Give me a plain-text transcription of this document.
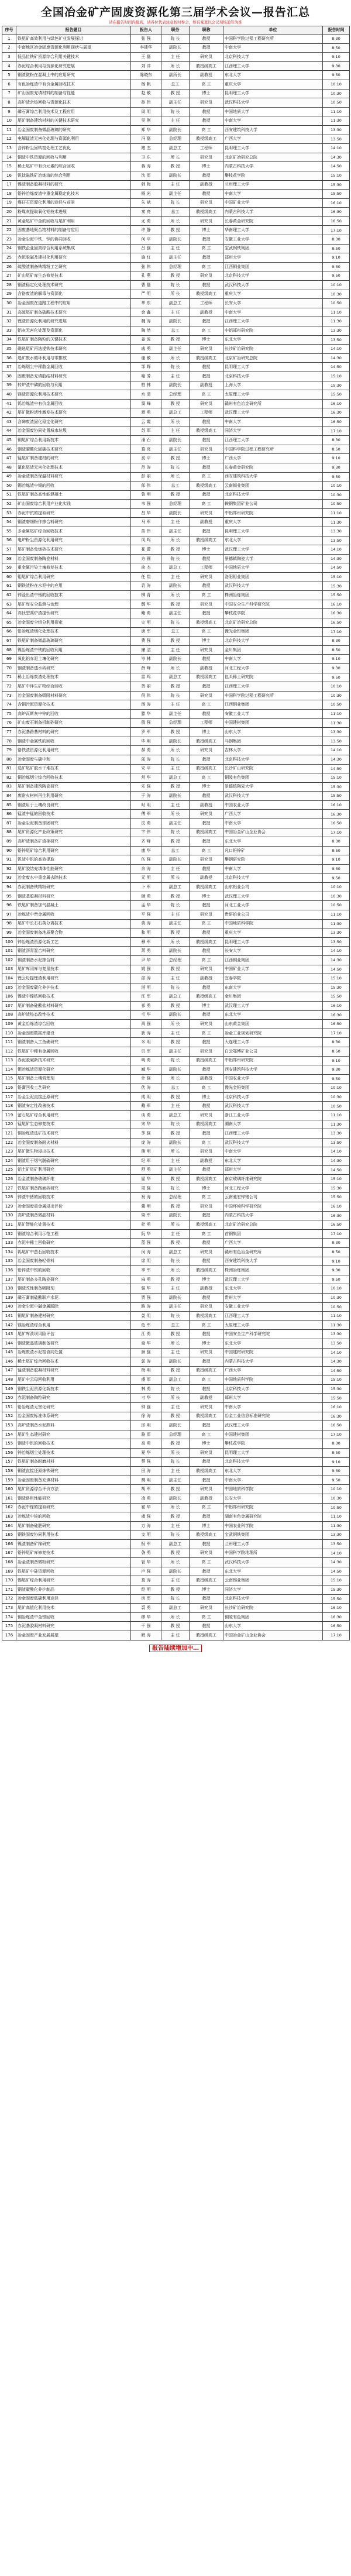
全国冶金矿产固废资源化第三届学术会议—报告汇总
请在报告时间内报到，请各位代表注意按时参会，如有变更以会议现场通知为准
序号	报告题目	报告人	职务	职称	单位	报告时间
1	铁尾矿高效利用与绿色矿业发展探讨	张 强	院 长	教授	中国科学院过程工程研究所	8:30
2	中南地区冶金固废资源化利用现状与展望	李建华	副院长	教授	中南大学	8:50
3	低品位铁矿资源综合利用关键技术	王 磊	主 任	研究员	北京科技大学	9:10
4	赤泥综合利用与资源化研究进展	刘 洋	所 长	教授级高工	江西理工大学	9:30
5	钢渣微粉在混凝土中的应用研究	陈晓东	副所长	副教授	东北大学	9:50
6	有色冶炼渣中有价金属回收技术	杨 帆	总工	高 工	重庆大学	10:10
7	矿山固废充填材料的制备与性能	赵 敏	教 授	博士	昆明理工大学	10:30
8	高炉渣余热回收与资源化技术	孙 伟	副主任	研究员	武汉科技大学	10:50
9	磷石膏综合利用技术及工程应用	周 明	院 长	教授	中国地质大学	11:10
10	尾矿制备建筑材料的关键技术研究	吴 刚	主 任	教授	中南大学	11:30
11	冶金固废制备微晶玻璃的研究	郑 华	副院长	高 工	西安建筑科技大学	13:30
12	电解锰渣无害化处理与资源化利用	冯 磊	总经理	教授级高工	广西大学	13:50
13	含锌粉尘回转窑处理工艺优化	褚 杰	副总工	工程师	昆明理工大学	14:10
14	铜渣中铁资源的回收与利用	卫 东	所 长	研究员	北京矿冶研究总院	14:30
15	稀土尾矿中有价元素的综合回收	蒋 涛	教 授	博士	内蒙古科技大学	14:50
16	钒钛磁铁矿冶炼渣的综合利用	沈 军	副院长	教授	攀枝花学院	15:10
17	镍渣制备胶凝材料的研究	韩 梅	主 任	副教授	兰州理工大学	15:30
18	铅锌冶炼废渣中重金属稳定化技术	杨 光	副主任	教授	中南大学	15:50
19	煤矸石资源化利用的途径与前景	朱 斌	院 长	研究员	中国矿业大学	16:10
20	粉煤灰提取氧化铝技术进展	秦 亮	总工	教授级高工	内蒙古科技大学	16:30
21	黄金尾矿中金的回收与尾矿利用	尤 勇	所 长	研究员	长春黄金研究院	16:50
22	固废基地聚合物材料的制备与应用	许 静	教 授	博士	华南理工大学	17:10
23	冶金尘泥中铁、锌的协同回收	何 平	副院长	教授	安徽工业大学	8:30
24	钢铁企业固废综合利用系统集成	吕 强	主 任	高 工	宝武钢铁集团	8:50
25	赤泥脱碱及建材化利用研究	施 红	副主任	教授	郑州大学	9:10
26	硫酸渣制备铁精粉工艺研究	张 伟	总经理	高 工	江西铜业集团	9:30
27	矿山尾矿库生态修复技术	孔 燕	教 授	研究员	北京科技大学	9:50
28	钢渣稳定化处理技术研究	曹 磊	院 长	教授	武汉科技大学	10:10
29	含铬废渣的解毒与资源化	严 明	所 长	教授级高工	重庆大学	10:30
30	冶金固废在道路工程中的应用	华 东	副总工	工程师	长安大学	10:50
31	高硫尾矿制备硫酸技术研究	金 鑫	主 任	副教授	中南大学	11:10
32	锂渣资源化利用的研究进展	魏 涛	副院长	教授	江西理工大学	11:30
33	铝灰无害化处理及资源化	陶 然	总工	高 工	中铝郑州研究院	13:30
34	铁尾矿制备陶粒的关键技术	姜 波	教 授	博士	东北大学	13:50
35	磁选尾矿再选提铁技术研究	戚 勇	副主任	研究员	长沙矿冶研究院	14:10
36	选矿废水循环利用与零排放	谢 敏	所 长	教授级高工	北京矿冶研究总院	14:30
37	冶炼烟尘中稀散金属回收	邹 辉	院 长	教授	昆明理工大学	14:50
38	固废制备充填胶结材料研究	喻 芳	主 任	教授	北京科技大学	15:10
39	转炉渣中磷的回收与利用	柏 林	副院长	副教授	上海大学	15:30
40	镁渣资源化利用技术研究	水 清	总经理	高 工	太原理工大学	15:50
41	钨冶炼渣中有价金属回收	窦 峰	教 授	研究员	赣州有色冶金研究所	16:10
42	尾矿微粉活性激发技术研究	章 勇	副总工	工程师	武汉理工大学	16:30
43	含砷废渣固化稳定化研究	云 霞	所 长	教授	中南大学	16:50
44	冶金固废协同处置城市垃圾	苏 军	主 任	教授级高工	同济大学	17:10
45	铜尾矿综合利用新技术	潘 石	副院长	教授	江西理工大学	8:30
46	钢渣碳酸化固碳技术研究	葛 亮	副主任	研究员	中国科学院过程工程研究所	8:50
47	锰尾矿制备建材的研究	奚 平	教 授	博士	广西大学	9:10
48	氰化尾渣无害化处理技术	范 涛	院 长	教授	长春黄金研究院	9:30
49	冶金渣制备保温材料研究	彭 丽	所 长	高 工	西安建筑科技大学	9:50
50	锡冶炼渣中锡的回收	郎 伟	总工	教授级高工	云南锡业集团	10:10
51	铁尾矿制备高性能混凝土	鲁 明	教 授	教授	北京科技大学	10:30
52	矿山固废综合利用产业化实践	韦 强	总经理	高 工	鞍钢集团矿业公司	10:50
53	赤泥中钪的提取研究	昌 华	副院长	研究员	中铝郑州研究院	11:10
54	钢渣磨细粉作掺合料研究	马 军	主 任	副教授	重庆大学	11:30
55	多金属尾矿综合回收技术	苗 伟	副主任	教授	昆明理工大学	13:30
56	电炉粉尘资源化利用研究	凤 鸣	所 长	教授级高工	东北大学	13:50
57	尾矿制备免烧砖技术研究	花 蕾	教 授	博士	武汉理工大学	14:10
58	冶金固废制备陶瓷材料	方 圆	院 长	教授	景德镇陶瓷大学	14:30
59	重金属污染土壤修复技术	俞 杰	副总工	工程师	中国地质大学	14:50
60	钼尾矿综合利用研究	任 翔	主 任	研究员	洛阳钼业集团	15:10
61	钢铁渣粉在水泥中的应用	袁 涛	副院长	教授	武汉科技大学	15:30
62	锌浸出渣中铟的回收技术	柳 青	所 长	高 工	株洲冶炼集团	15:50
63	尾矿库安全监测与治理	酆 华	教 授	研究员	中国安全生产科学研究院	16:10
64	高钛型高炉渣提钛研究	鲍 勇	副主任	教授	攀枝花学院	16:30
65	冶金固废全组分利用探索	史 明	院 长	教授级高工	北京矿冶研究总院	16:50
66	铅冶炼渣烟化处理技术	唐 军	总工	高 工	豫光金铅集团	17:10
67	铁尾矿制备微晶玻璃研究	费 强	教 授	博士	北京科技大学	8:30
68	镍冶炼渣中铁的回收利用	廉 洁	主 任	研究员	金川集团	8:50
69	氧化铝赤泥土壤化研究	岑 林	副院长	教授	中南大学	9:10
70	钢渣制备透水砖研究	薛 峰	所 长	副教授	河北工程大学	9:30
71	稀土冶炼废渣处理技术	雷 鸣	副总工	教授级高工	包头稀土研究院	9:50
72	尾矿中伴生矿物综合回收	贺 丽	教 授	教授	江西理工大学	10:10
73	冶金固废制备吸附材料研究	倪 伟	院 长	研究员	中国科学院过程工程研究所	10:30
74	含铜污泥资源化技术	汤 涛	主 任	高 工	江西铜业集团	10:50
75	高炉瓦斯灰中锌的回收	滕 华	副主任	教授	安徽工业大学	11:10
76	矿山废石制备机制砂研究	殷 强	总经理	工程师	中国建材集团	11:30
77	赤泥基路基材料的研究	罗 军	教 授	博士	山东大学	13:30
78	钢渣中金属铁的回收	毕 明	副院长	教授级高工	马钢集团	13:50
79	铬铁渣资源化利用研究	郝 勇	所 长	研究员	吉林大学	14:10
80	冶金固废与碳中和	邬 涛	院 长	教授	北京科技大学	14:30
81	选矿尾矿脱水干堆技术	安 平	主 任	教授级高工	长沙矿山研究院	14:50
82	铜冶炼烟尘综合回收技术	常 华	副总工	高 工	铜陵有色集团	15:10
83	尾矿制备建筑陶瓷研究	乐 强	教 授	博士	景德镇陶瓷大学	15:30
84	废耐火材料再生利用研究	于 涛	副院长	教授	武汉科技大学	15:50
85	钢渣用于土壤改良研究	时 明	主 任	副教授	中国农业大学	16:10
86	锰渣中锰的回收技术	傅 军	所 长	研究员	广西大学	16:30
87	冶金尘泥制备球团研究	皮 勇	副主任	教授	中南大学	16:50
88	尾矿资源化产业政策研究	卞 伟	院 长	教授级高工	中国冶金矿山企业协会	17:10
89	高炉渣制备矿渣棉研究	齐 峰	教 授	教授	东北大学	8:30
90	铅锌尾矿综合利用研究	康 华	总工	高 工	凡口铅锌矿	8:50
91	钒渣中钒的高效提取	伍 强	副院长	研究员	攀钢研究院	9:10
92	尾矿胶结充填体性能研究	余 涛	主 任	教授	中南大学	9:30
93	冶金废水中重金属去除技术	元 明	所 长	副教授	北京科技大学	9:50
94	赤泥制备铁精粉研究	卜 军	副总工	教授级高工	山东铝业公司	10:10
95	钢渣基胶凝材料研究	顾 勇	教 授	博士	武汉理工大学	10:30
96	铁尾矿制备加气混凝土	孟 华	院 长	教授	河北工业大学	10:50
97	冶炼渣中贵金属回收	平 强	主 任	研究员	贵研铂业公司	11:10
98	尾矿中长石石英分离技术	黄 涛	副主任	高 工	中国地质科学院	11:30
99	冶金固废制备地质聚合物	和 明	教 授	教授	重庆大学	13:30
100	锌冶炼渣资源化新工艺	穆 军	所 长	教授级高工	昆明理工大学	13:50
101	钢渣沥青混合料研究	萧 勇	副院长	教授	长安大学	14:10
102	铜渣制备水泥掺合料	尹 华	总经理	高 工	江西铜业集团	14:30
103	尾矿库闭库与复垦技术	姚 强	教 授	研究员	中国矿业大学	14:50
104	锂云母提锂渣利用研究	邵 涛	主 任	副教授	宜春学院	15:10
105	冶金固废碳化养护技术	湛 明	院 长	教授	东南大学	15:30
106	镍渣中镍钴回收技术	汪 军	副总工	教授级高工	金川集团	15:50
107	尾矿制备硅酸盐材料研究	祁 勇	教 授	博士	武汉理工大学	16:10
108	高炉渣热态改性技术	毛 华	副院长	教授	东北大学	16:30
109	黄金冶炼渣综合回收	禹 强	所 长	研究员	山东黄金集团	16:50
110	冶金固废数据库建设	狄 涛	主 任	高 工	冶金工业规划研究院	17:10
111	钢渣制备人工鱼礁研究	米 明	教 授	教授	大连理工大学	8:30
112	铁尾矿中稀有金属回收	贝 军	副主任	研究员	白云鄂博矿业公司	8:50
113	赤泥脱碱新技术研究	明 勇	院 长	教授级高工	中铝郑州研究院	9:10
114	钼冶炼渣资源化研究	臧 华	副院长	教授	西安建筑科技大学	9:30
115	尾矿制备土壤调理剂	计 强	所 长	副教授	中国农业大学	9:50
116	铅膏回收工艺研究	伏 涛	总工	高 工	豫光金铅集团	10:10
117	冶金尘泥直接还原研究	成 明	教 授	博士	北京科技大学	10:30
118	钢渣安定性改善技术	戴 军	主 任	教授	武汉科技大学	10:50
119	萤石尾矿综合利用研究	谈 勇	副总工	研究员	浙江工业大学	11:10
120	锰尾矿生态修复技术	宋 华	院 长	教授级高工	湖南大学	11:30
121	铜冶炼渣选矿技术研究	茅 强	教 授	教授	江西理工大学	13:30
122	冶金固废制备耐火材料	庞 涛	副院长	高 工	武汉科技大学	13:50
123	尾矿微生物浸出技术	熊 明	所 长	研究员	中南大学	14:10
124	钢渣用于烟气脱硫研究	纪 军	主 任	副教授	东北大学	14:30
125	铝土矿尾矿利用研究	舒 勇	副主任	教授	郑州大学	14:50
126	冶金渣制备玻璃纤维	屈 华	教 授	教授级高工	南京玻璃纤维研究院	15:10
127	铁尾矿制备路面砖研究	项 强	院 长	博士	河北工程大学	15:30
128	锌渣中锗的回收技术	祝 涛	总经理	高 工	云南驰宏锌锗公司	15:50
129	冶金固废重金属浸出评价	董 明	教 授	研究员	中国环境科学研究院	16:10
130	高炉渣制备微晶材料	梁 军	副院长	教授	内蒙古科技大学	16:30
131	尾矿智能化处置技术	杜 勇	所 长	教授级高工	北京矿冶研究总院	16:50
132	钢渣综合利用示范工程	阮 华	主 任	高 工	首钢集团	17:10
133	赤泥中稀土回收研究	蓝 强	教 授	教授	广西大学	8:30
134	钨尾矿中萤石回收技术	闵 涛	副总工	研究员	赣州有色冶金研究所	8:50
135	冶金固废制备轻骨料	席 明	院 长	教授	西安建筑科技大学	9:10
136	铅锌渣中银的回收	季 军	所 长	教授级高工	株洲冶炼集团	9:30
137	尾矿制备多孔陶瓷研究	麻 勇	教 授	博士	武汉理工大学	9:50
138	钢渣改性制备吸附剂	强 华	主 任	副教授	东北大学	10:10
139	磷石膏制硫酸联产水泥	贾 强	副院长	教授	贵州大学	10:30
140	冶金尘泥中碱金属脱除	路 涛	副主任	研究员	安徽工业大学	10:50
141	铜尾矿制备建材研究	娄 明	院 长	教授级高工	江西理工大学	11:10
142	镁冶炼渣综合利用	危 军	总工	高 工	太原理工大学	11:30
143	尾矿库溃坝风险评估	江 勇	教 授	教授	中国安全生产科学研究院	13:30
144	钢渣微晶玻璃制备研究	童 华	所 长	博士	东北大学	13:50
145	冶炼废渣水泥窑协同处置	颜 强	主 任	研究员	中国建材研究院	14:10
146	稀土尾矿综合回收技术	郭 涛	副院长	教授	内蒙古科技大学	14:30
147	锰渣制备胶凝材料研究	梅 明	教 授	教授级高工	广西大学	14:50
148	尾矿中云母回收利用	盛 军	副总工	高 工	中国地质科学院	15:10
149	钢铁尘泥资源化新技术	林 勇	院 长	教授	北京科技大学	15:30
150	赤泥制备陶粒研究	刁 华	所 长	副教授	郑州大学	15:50
151	铅冶炼渣无害化研究	钟 强	主 任	研究员	中南大学	16:10
152	冶金固废标准体系研究	徐 涛	教 授	教授级高工	冶金工业信息标准研究院	16:30
153	高炉渣制备水泥熟料	邱 明	副院长	教授	武汉理工大学	16:50
154	尾矿生态建材研究	骆 军	总经理	高 工	中国建材集团	17:10
155	钢渣中钒的回收技术	高 勇	教 授	博士	攀枝花学院	8:30
156	锌冶炼烟尘处理技术	夏 华	所 长	研究员	昆明理工大学	8:50
157	铁尾矿制备耐磨材料	蔡 强	院 长	教授	北京科技大学	9:10
158	铜渣直接还原炼铁研究	田 涛	主 任	教授级高工	东北大学	9:30
159	冶金固废制备充填材料	樊 明	副主任	教授	中南大学	9:50
160	尾矿资源综合评价方法	胡 军	教 授	研究员	中国地质科学院	10:10
161	钢渣路用性能研究	凌 勇	副院长	副教授	长安大学	10:30
162	赤泥中镓的提取研究	霍 华	所 长	高 工	中铝郑州研究院	10:50
163	冶炼渣中铋的回收	虞 强	教 授	教授	湖南有色金属研究院	11:10
164	尾矿制备硅肥研究	万 涛	主 任	博士	中国农业科学院	11:30
165	钢铁固废协同利用技术	支 明	院 长	教授级高工	宝武钢铁集团	13:30
166	镍渣制备矿棉研究	柯 军	副总工	教授	兰州理工大学	13:50
167	铅锌尾矿库修复技术	昝 勇	教 授	研究员	中国科学院地理所	14:10
168	冶金渣制备微粉研究	管 华	所 长	高 工	武汉科技大学	14:30
169	铁尾矿中硅资源回收	卢 强	副院长	教授	东北大学	14:50
170	锡尾矿综合利用研究	莫 涛	主 任	教授级高工	云南锡业集团	15:10
171	钢渣碳酸化养护制品	经 明	教 授	博士	同济大学	15:30
172	冶金固废低碳利用途径	房 军	院 长	教授	北京科技大学	15:50
173	尾矿高值化利用技术	裘 勇	副总工	研究员	长沙矿冶研究院	16:10
174	铜冶炼渣中金银回收	缪 华	所 长	高 工	铜陵有色集团	16:30
175	赤泥基胶凝材料研究	干 强	教 授	教授	山东大学	16:50
176	冶金固废产业发展展望	解 涛	主 任	教授级高工	中国冶金矿山企业协会	17:10
报告陆续增加中…
